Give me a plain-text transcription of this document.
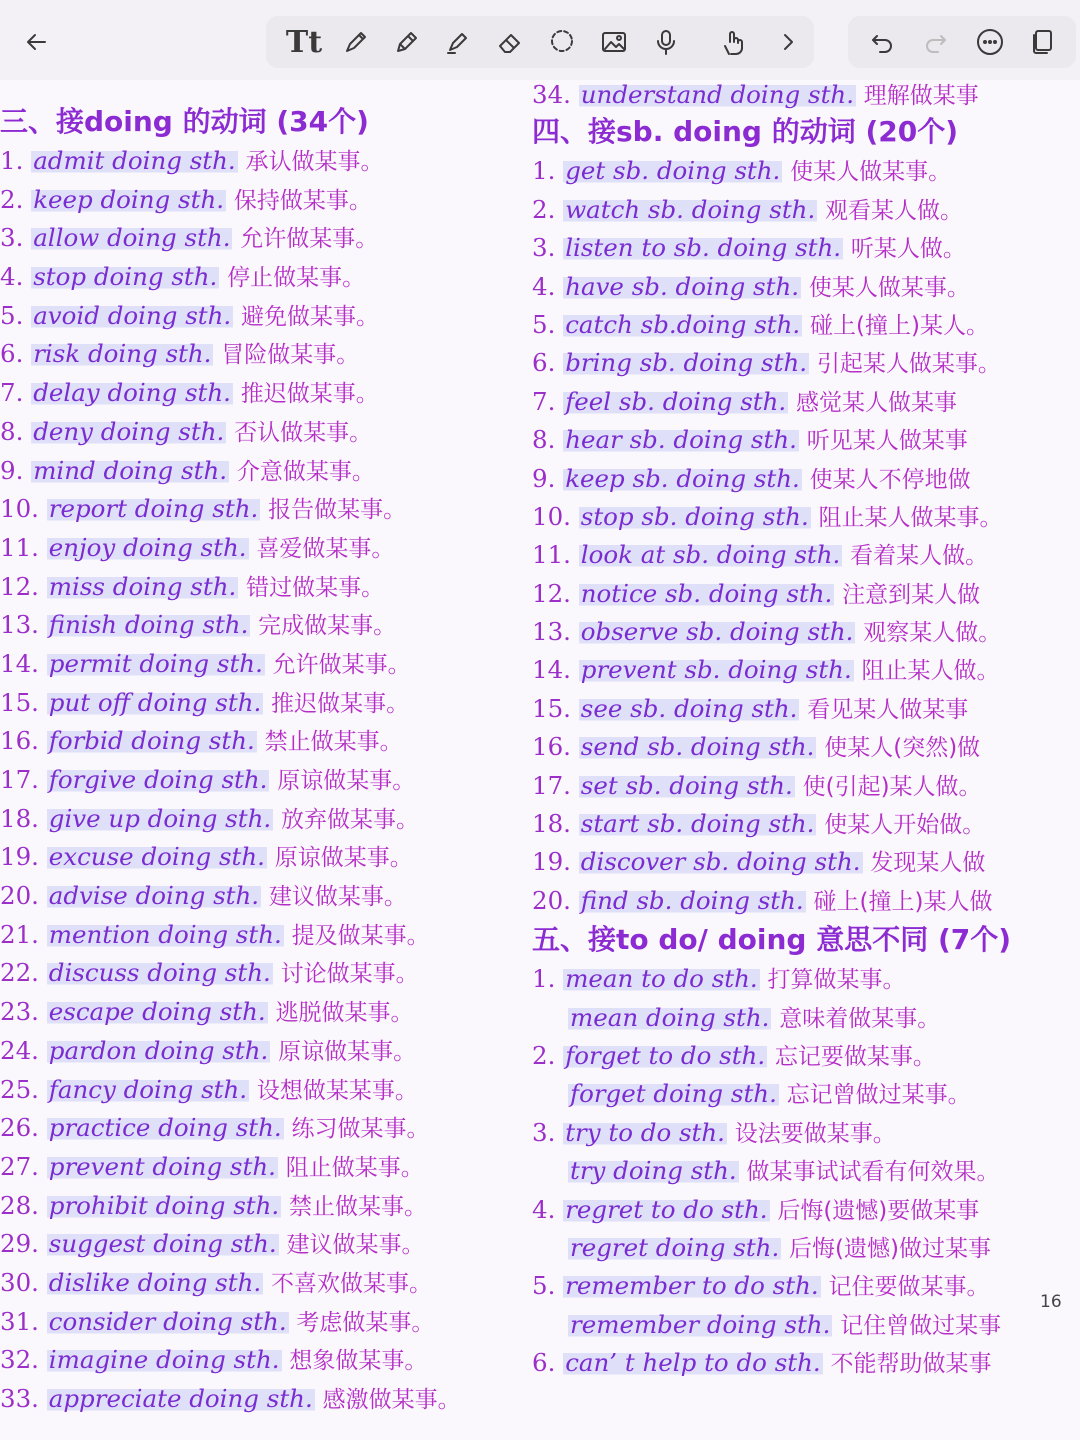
Tt
三、接doing 的动词 (34个)
1. admit doing sth. 承认做某事。
2. keep doing sth. 保持做某事。
3. allow doing sth. 允许做某事。
4. stop doing sth. 停止做某事。
5. avoid doing sth. 避免做某事。
6. risk doing sth. 冒险做某事。
7. delay doing sth. 推迟做某事。
8. deny doing sth. 否认做某事。
9. mind doing sth. 介意做某事。
10. report doing sth. 报告做某事。
11. enjoy doing sth. 喜爱做某事。
12. miss doing sth. 错过做某事。
13. finish doing sth. 完成做某事。
14. permit doing sth. 允许做某事。
15. put off doing sth. 推迟做某事。
16. forbid doing sth. 禁止做某事。
17. forgive doing sth. 原谅做某事。
18. give up doing sth. 放弃做某事。
19. excuse doing sth. 原谅做某事。
20. advise doing sth. 建议做某事。
21. mention doing sth. 提及做某事。
22. discuss doing sth. 讨论做某事。
23. escape doing sth. 逃脱做某事。
24. pardon doing sth. 原谅做某事。
25. fancy doing sth. 设想做某某事。
26. practice doing sth. 练习做某事。
27. prevent doing sth. 阻止做某事。
28. prohibit doing sth. 禁止做某事。
29. suggest doing sth. 建议做某事。
30. dislike doing sth. 不喜欢做某事。
31. consider doing sth. 考虑做某事。
32. imagine doing sth. 想象做某事。
33. appreciate doing sth. 感激做某事。
34. understand doing sth. 理解做某事
四、接sb. doing 的动词 (20个)
1. get sb. doing sth. 使某人做某事。
2. watch sb. doing sth. 观看某人做。
3. listen to sb. doing sth. 听某人做。
4. have sb. doing sth. 使某人做某事。
5. catch sb.doing sth. 碰上(撞上)某人。
6. bring sb. doing sth. 引起某人做某事。
7. feel sb. doing sth. 感觉某人做某事
8. hear sb. doing sth. 听见某人做某事
9. keep sb. doing sth. 使某人不停地做
10. stop sb. doing sth. 阻止某人做某事。
11. look at sb. doing sth. 看着某人做。
12. notice sb. doing sth. 注意到某人做
13. observe sb. doing sth. 观察某人做。
14. prevent sb. doing sth. 阻止某人做。
15. see sb. doing sth. 看见某人做某事
16. send sb. doing sth. 使某人(突然)做
17. set sb. doing sth. 使(引起)某人做。
18. start sb. doing sth. 使某人开始做。
19. discover sb. doing sth. 发现某人做
20. find sb. doing sth. 碰上(撞上)某人做
五、接to do/ doing 意思不同 (7个)
1. mean to do sth. 打算做某事。
mean doing sth. 意味着做某事。
2. forget to do sth. 忘记要做某事。
forget doing sth. 忘记曾做过某事。
3. try to do sth. 设法要做某事。
try doing sth. 做某事试试看有何效果。
4. regret to do sth. 后悔(遗憾)要做某事
regret doing sth. 后悔(遗憾)做过某事
5. remember to do sth. 记住要做某事。
remember doing sth. 记住曾做过某事
6. can’ t help to do sth. 不能帮助做某事
16
